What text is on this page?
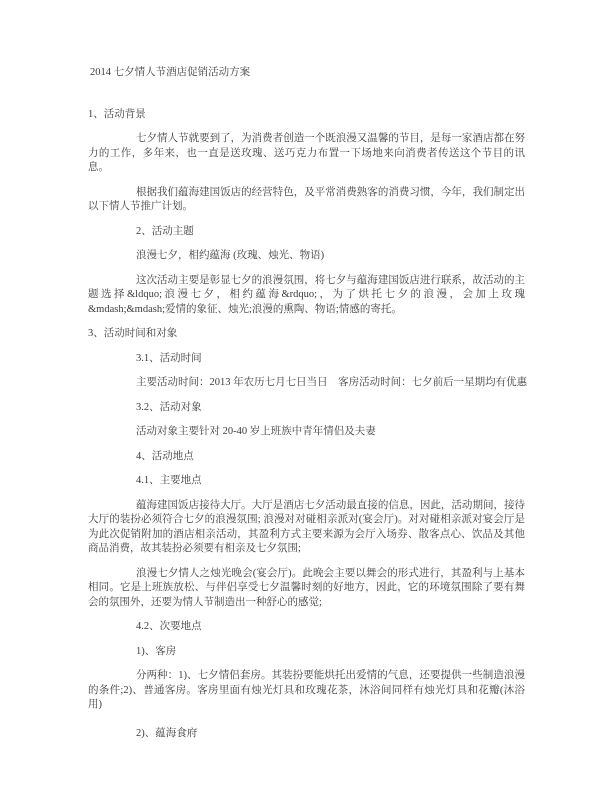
2014 七夕情人节酒店促销活动方案
1、活动背景
七夕情人节就要到了，为消费者创造一个既浪漫又温馨的节目，是每一家酒店都在努力的工作，多年来，也一直是送玫瑰、送巧克力布置一下场地来向消费者传送这个节目的讯息。
根据我们蕴海建国饭店的经营特色，及平常消费熟客的消费习惯，今年，我们制定出以下情人节推广计划。
2、活动主题
浪漫七夕，相约蕴海 (玫瑰、烛光、物语)
这次活动主要是彰显七夕的浪漫氛围，将七夕与蕴海建国饭店进行联系，故活动的主题选择&ldquo;浪漫七夕，相约蕴海&rdquo;，为了烘托七夕的浪漫，会加上玫瑰&mdash;&mdash;爱情的象征、烛光;浪漫的熏陶、物语;情感的寄托。
3、活动时间和对象
3.1、活动时间
主要活动时间：2013 年农历七月七日当日　客房活动时间：七夕前后一星期均有优惠
3.2、活动对象
活动对象主要针对 20-40 岁上班族中青年情侣及夫妻
4、活动地点
4.1、主要地点
蕴海建国饭店接待大厅。大厅是酒店七夕活动最直接的信息，因此，活动期间，接待大厅的装扮必须符合七夕的浪漫氛围; 浪漫对对碰相亲派对(宴会厅)。对对碰相亲派对宴会厅是为此次促销附加的酒店相亲活动，其盈利方式主要来源为会厅入场券、散客点心、饮品及其他商品消费，故其装扮必须要有相亲及七夕氛围;
浪漫七夕情人之烛光晚会(宴会厅)。此晚会主要以舞会的形式进行，其盈利与上基本相同。它是上班族放松、与伴侣享受七夕温馨时刻的好地方，因此，它的环境氛围除了要有舞会的氛围外，还要为情人节制造出一种舒心的感觉;
4.2、次要地点
1)、客房
分两种：1)、七夕情侣套房。其装扮要能烘托出爱情的气息，还要提供一些制造浪漫的条件;2)、普通客房。客房里面有烛光灯具和玫瑰花茶，沐浴间同样有烛光灯具和花瓣(沐浴用)
2)、蕴海食府
